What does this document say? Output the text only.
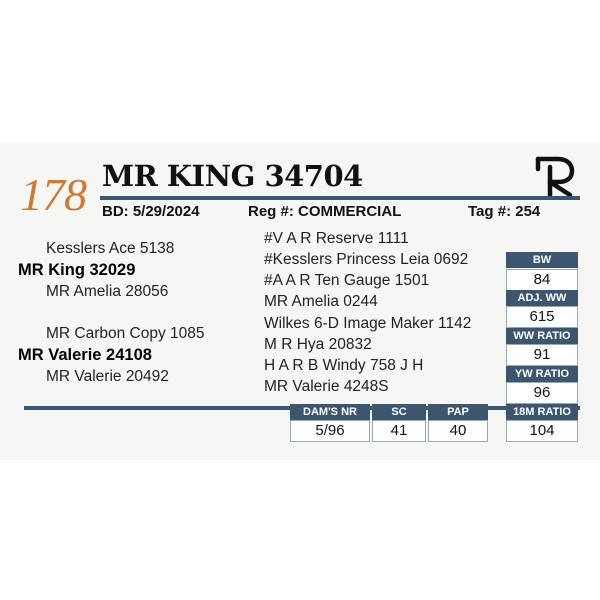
178 MR KING 34704
BD: 5/29/2024	Reg #: COMMERCIAL	Tag #: 254
Kesslers Ace 5138
MR King 32029
MR Amelia 28056
MR Carbon Copy 1085
MR Valerie 24108
MR Valerie 20492
#V A R Reserve 1111
#Kesslers Princess Leia 0692
#A A R Ten Gauge 1501
MR Amelia 0244
Wilkes 6-D Image Maker 1142
M R Hya 20832
H A R B Windy 758 J H
MR Valerie 4248S
BW
84
ADJ. WW
615
WW RATIO
91
YW RATIO
96
DAM'S NR
5/96
SC
41
PAP
40
18M RATIO
104
